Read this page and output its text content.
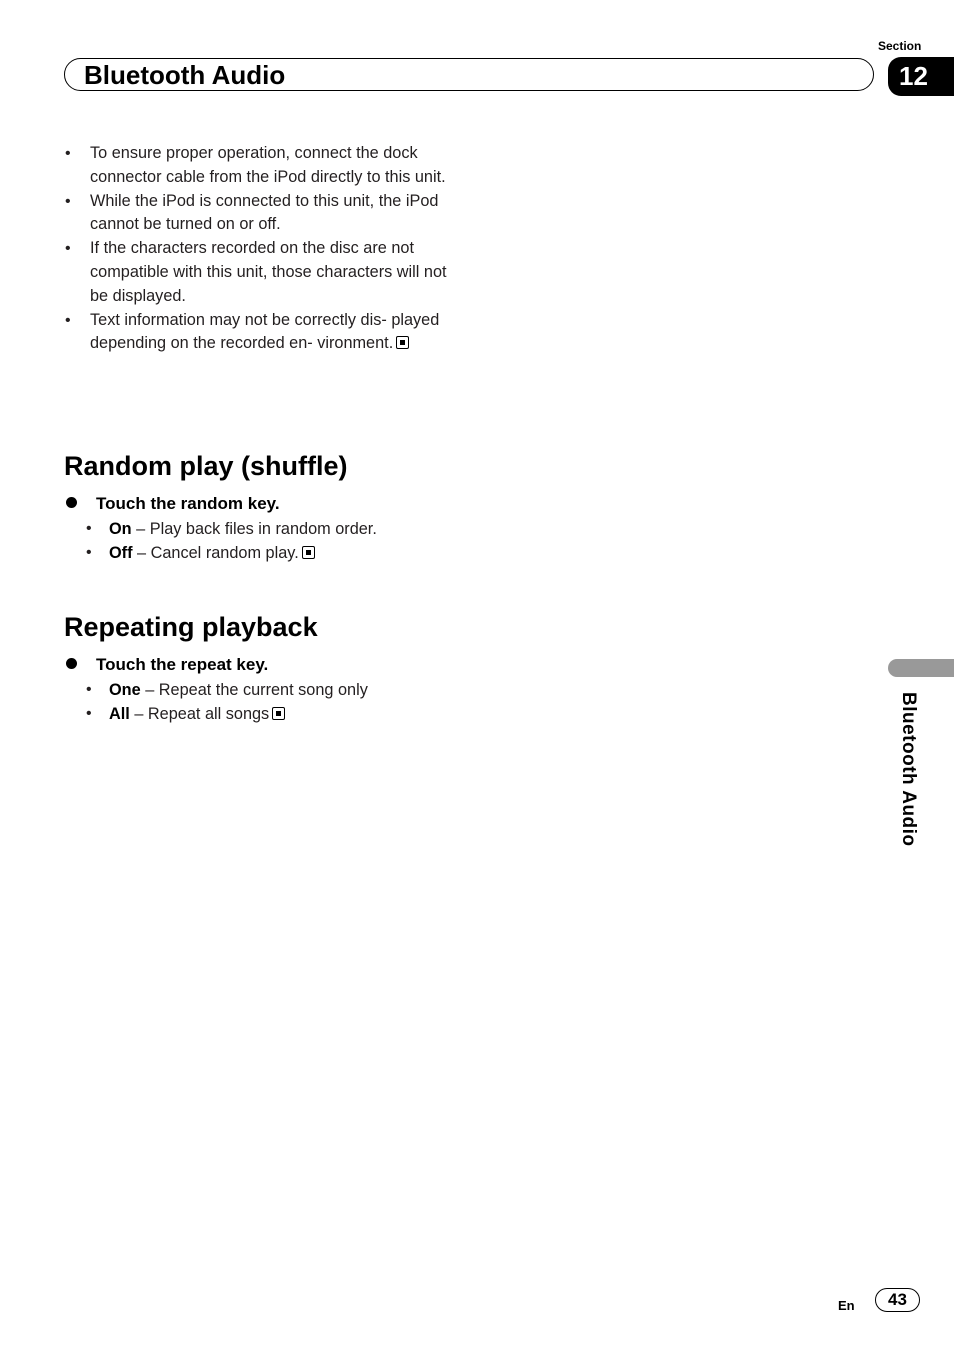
Section
Bluetooth Audio	12
• To ensure proper operation, connect the dock connector cable from the iPod directly to this unit.
• While the iPod is connected to this unit, the iPod cannot be turned on or off.
• If the characters recorded on the disc are not compatible with this unit, those characters will not be displayed.
• Text information may not be correctly dis- played depending on the recorded en- vironment.
Random play (shuffle)
Touch the random key.
• On – Play back files in random order.
• Off – Cancel random play.
Repeating playback
Touch the repeat key.
• One – Repeat the current song only
• All – Repeat all songs	Bluetooth Audio
En	43
